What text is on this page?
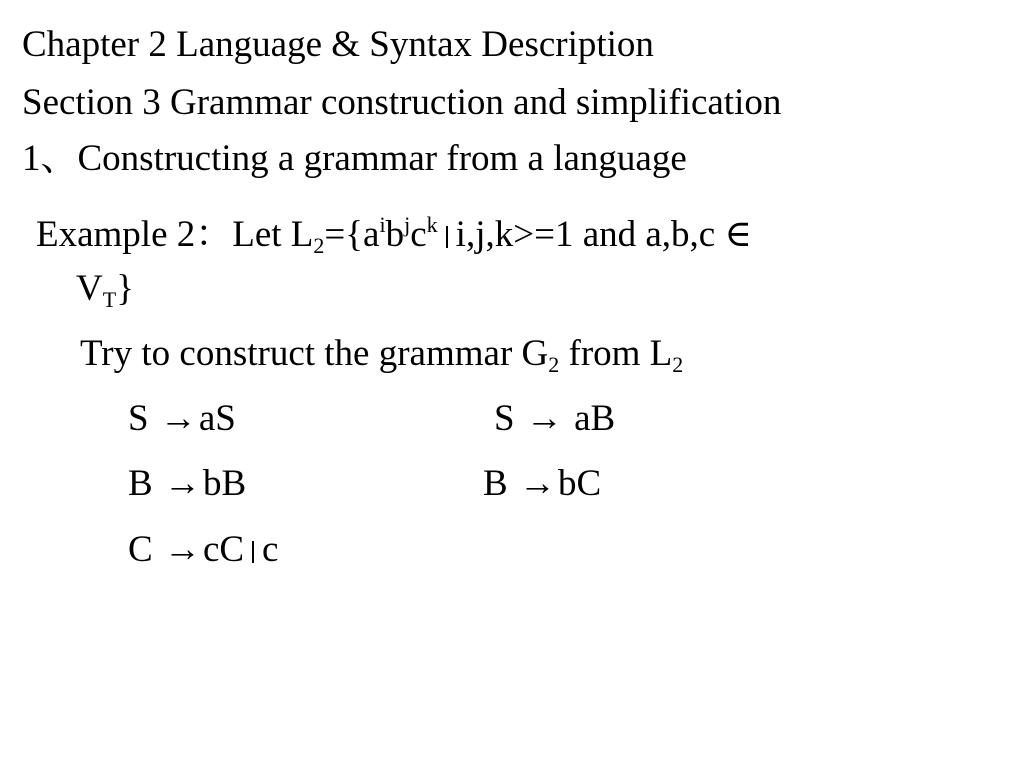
Chapter 2 Language & Syntax Description
Section 3 Grammar construction and simplification
1、Constructing a grammar from a language
Example 2：Let $L_2=\{a^ib^jc^k$ i,j,k>=1 and a,b,c ∈
$V_T$}
Try to construct the grammar $G_2$ from $L_2$
S →aS	S → aB
B →bB	B →bC
C →cC c
